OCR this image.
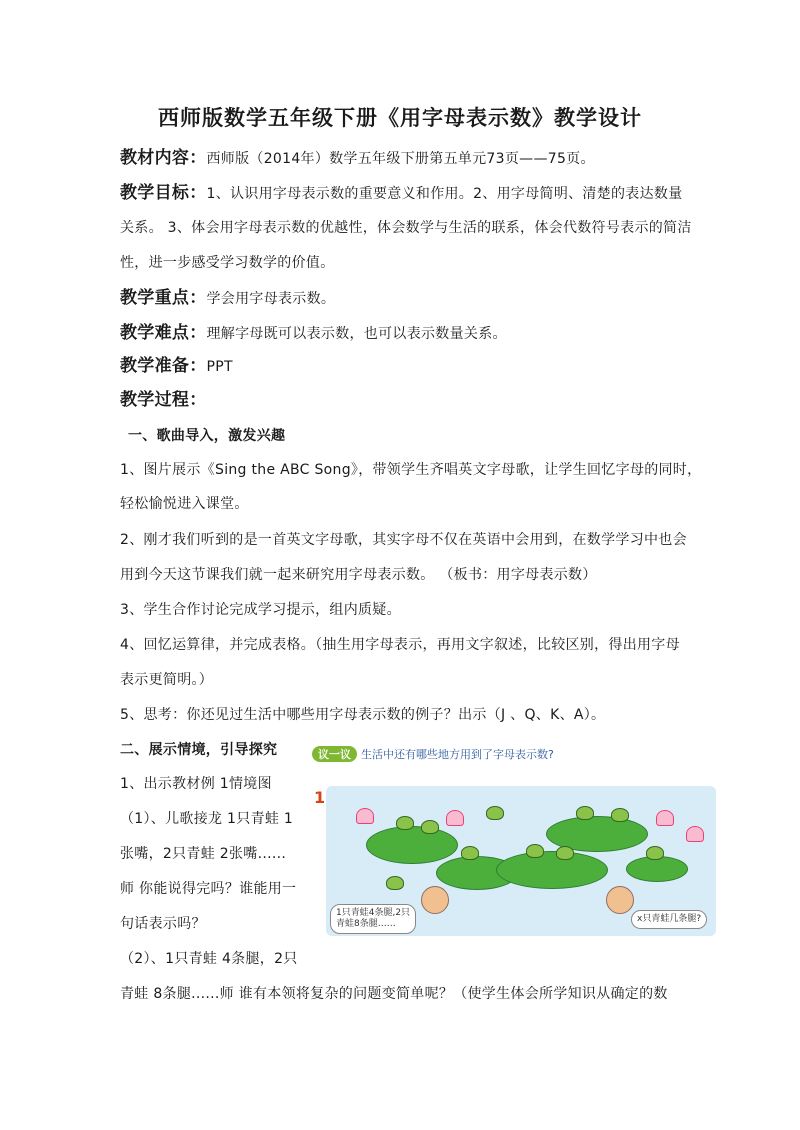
西师版数学五年级下册《用字母表示数》教学设计
教材内容：西师版（2014年）数学五年级下册第五单元73页——75页。
教学目标：1、认识用字母表示数的重要意义和作用。2、用字母简明、清楚的表达数量
关系。 3、体会用字母表示数的优越性，体会数学与生活的联系，体会代数符号表示的简洁
性，进一步感受学习数学的价值。
教学重点：学会用字母表示数。
教学难点：理解字母既可以表示数，也可以表示数量关系。
教学准备：PPT
教学过程：
一、歌曲导入，激发兴趣
1、图片展示《Sing the ABC Song》，带领学生齐唱英文字母歌，让学生回忆字母的同时，
轻松愉悦进入课堂。
2、刚才我们听到的是一首英文字母歌，其实字母不仅在英语中会用到，在数学学习中也会
用到今天这节课我们就一起来研究用字母表示数。 （板书：用字母表示数）
3、学生合作讨论完成学习提示，组内质疑。
4、回忆运算律，并完成表格。（抽生用字母表示，再用文字叙述，比较区别，得出用字母
表示更简明。）
5、思考：你还见过生活中哪些用字母表示数的例子？出示（J 、Q、K、A）。
二、展示情境，引导探究
1、出示教材例 1情境图
（1）、儿歌接龙 1只青蛙 1
张嘴，2只青蛙 2张嘴......
师 你能说得完吗？谁能用一
句话表示吗？
（2）、1只青蛙 4条腿，2只
青蛙 8条腿......师 谁有本领将复杂的问题变简单呢？（使学生体会所学知识从确定的数
议一议 生活中还有哪些地方用到了字母表示数?
1
1只青蛙4条腿,2只
青蛙8条腿……	x只青蛙几条腿?
